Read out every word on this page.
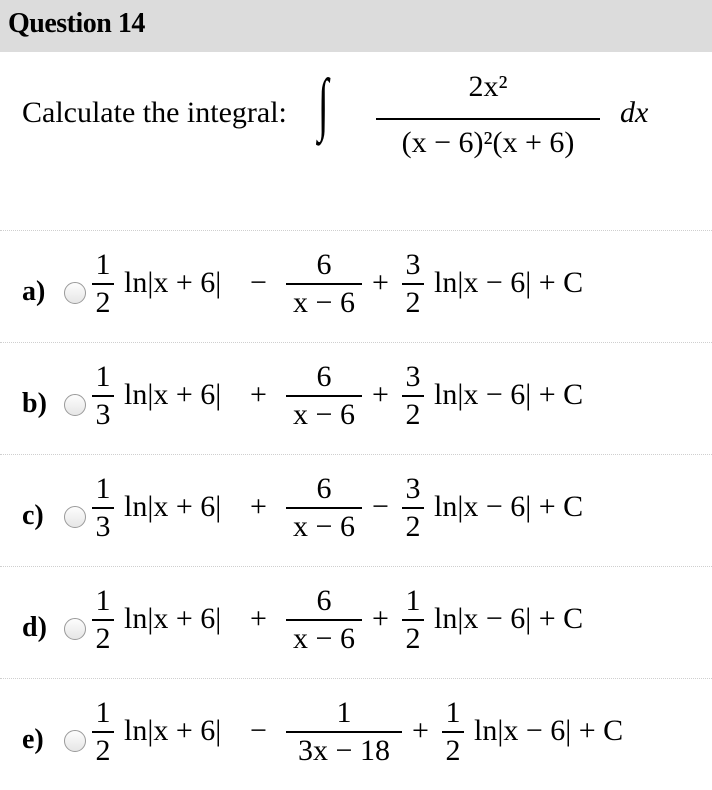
Question 14
Calculate the integral: ∫	2x²
(x − 6)²(x + 6)
dx
a)
1
2
ln|x + 6| −
6
x − 6
+
3
2
ln|x − 6| + C
b)
1
3
ln|x + 6| +
6
x − 6
+
3
2
ln|x − 6| + C
c)
1
3
ln|x + 6| +
6
x − 6
−
3
2
ln|x − 6| + C
d)
1
2
ln|x + 6| +
6
x − 6
+
1
2
ln|x − 6| + C
e)
1
2
ln|x + 6| −
1
3x − 18
+
1
2
ln|x − 6| + C
